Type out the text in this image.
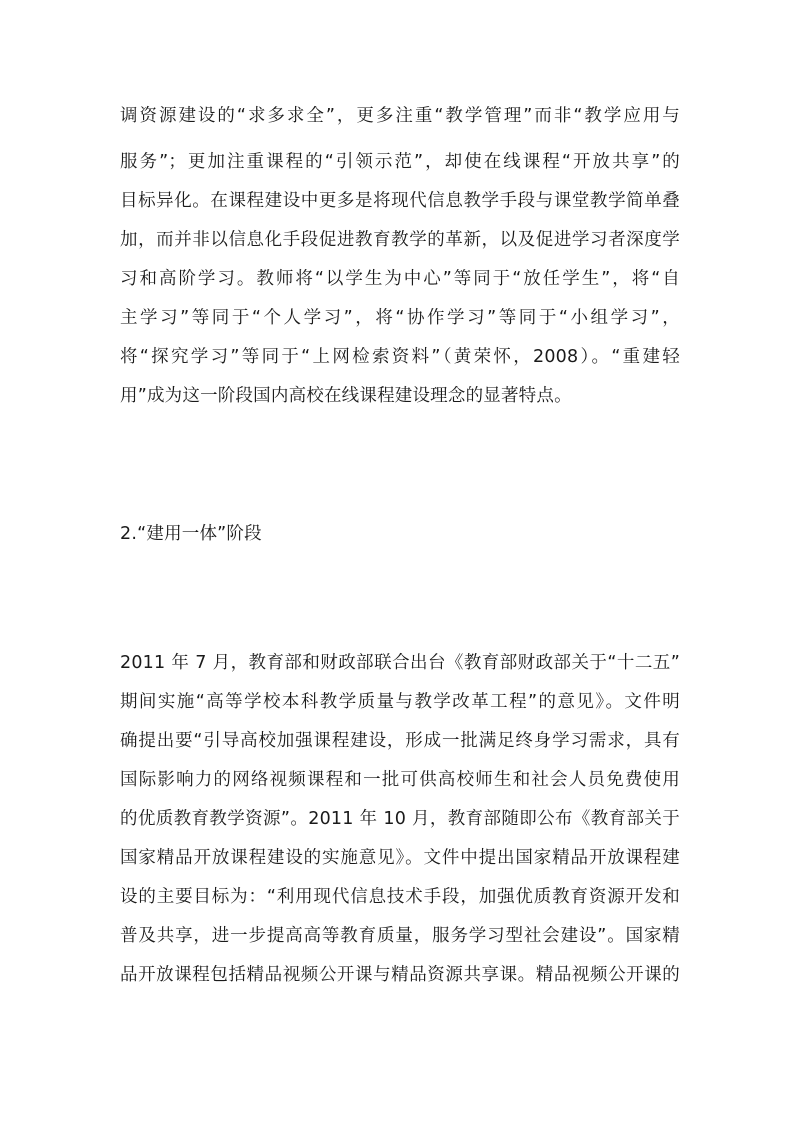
调资源建设的“求多求全”，更多注重“教学管理”而非“教学应用与
服务”；更加注重课程的“引领示范”，却使在线课程“开放共享”的
目标异化。在课程建设中更多是将现代信息教学手段与课堂教学简单叠
加，而并非以信息化手段促进教育教学的革新，以及促进学习者深度学
习和高阶学习。教师将“以学生为中心”等同于“放任学生”，将“自
主学习”等同于“个人学习”，将“协作学习”等同于“小组学习”，
将“探究学习”等同于“上网检索资料”（黄荣怀，2008）。“重建轻
用”成为这一阶段国内高校在线课程建设理念的显著特点。
2.“建用一体”阶段
2011 年 7 月，教育部和财政部联合出台《教育部财政部关于“十二五”
期间实施“高等学校本科教学质量与教学改革工程”的意见》。文件明
确提出要“引导高校加强课程建设，形成一批满足终身学习需求，具有
国际影响力的网络视频课程和一批可供高校师生和社会人员免费使用
的优质教育教学资源”。2011 年 10 月，教育部随即公布《教育部关于
国家精品开放课程建设的实施意见》。文件中提出国家精品开放课程建
设的主要目标为：“利用现代信息技术手段，加强优质教育资源开发和
普及共享，进一步提高高等教育质量，服务学习型社会建设”。国家精
品开放课程包括精品视频公开课与精品资源共享课。精品视频公开课的
